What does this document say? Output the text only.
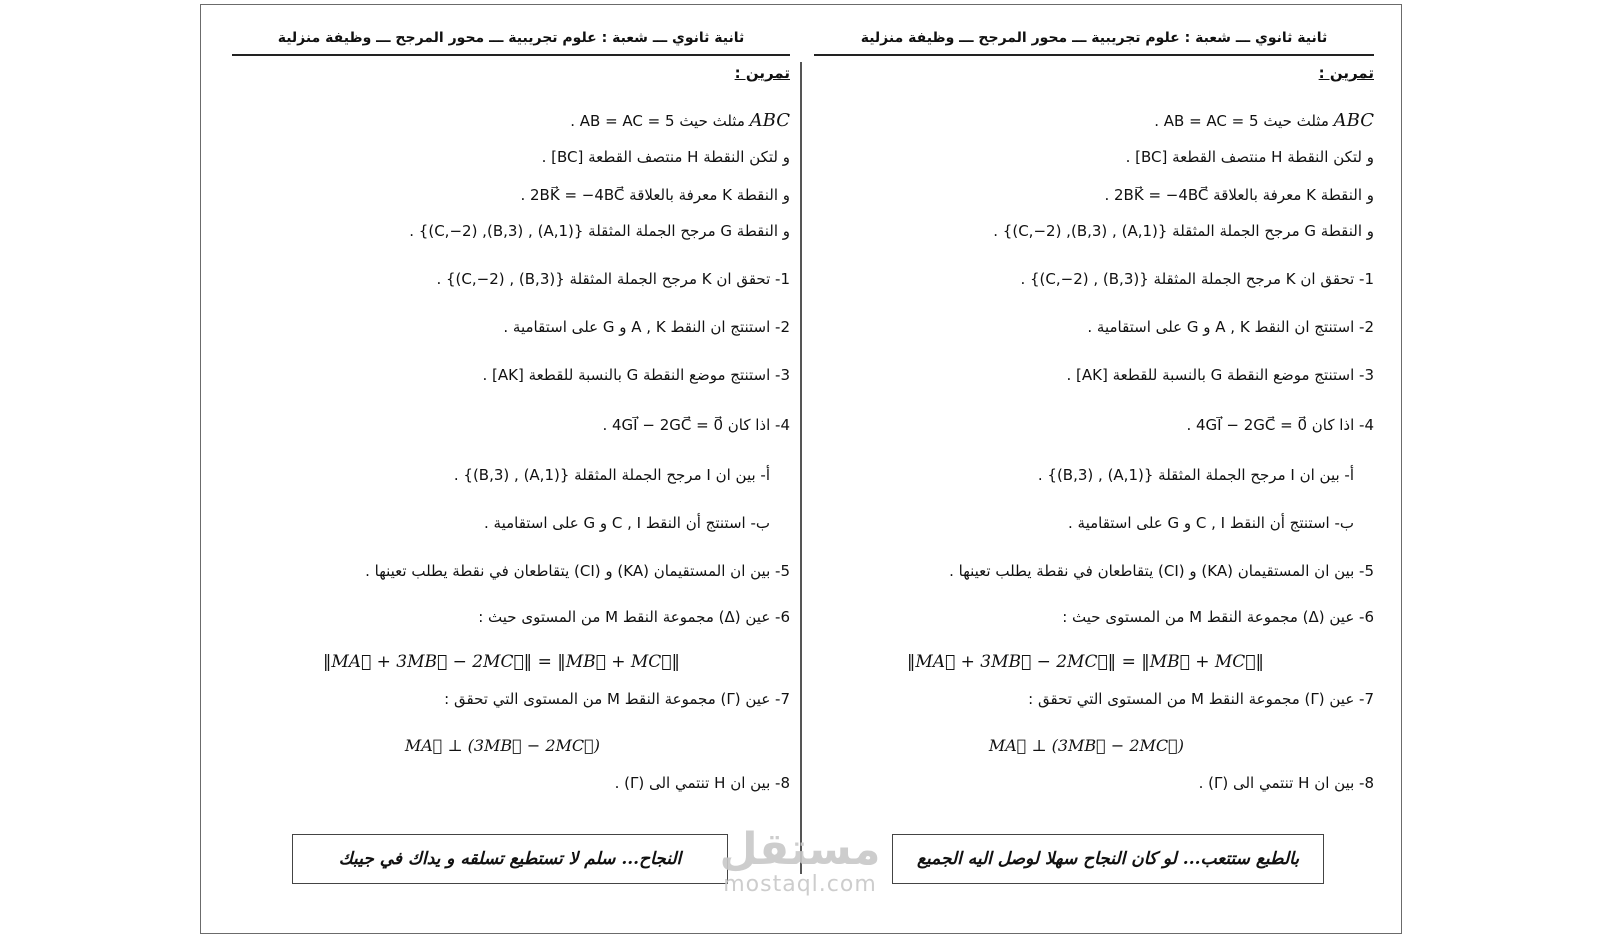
ثانية ثانوي ـــ شعبة : علوم تجريبية ـــ محور المرجح ـــ وظيفة منزلية
تمرين :
ABC مثلث حيث AB = AC = 5 .
و لتكن النقطة H منتصف القطعة [BC] .
و النقطة K معرفة بالعلاقة 2BK⃗ = −4BC⃗ .
و النقطة G مرجح الجملة المثقلة {(A,1) , (B,3), (C,−2)} .
1- تحقق ان K مرجح الجملة المثقلة {(B,3) , (C,−2)} .
2- استنتج ان النقط A , K و G على استقامية .
3- استنتج موضع النقطة G بالنسبة للقطعة [AK] .
4- اذا كان 4GI⃗ − 2GC⃗ = 0⃗ .
أ- بين ان I مرجح الجملة المثقلة {(A,1) , (B,3)} .
ب- استنتج أن النقط C , I و G على استقامية .
5- بين ان المستقيمان (KA) و (CI) يتقاطعان في نقطة يطلب تعينها .
6- عين (Δ) مجموعة النقط M من المستوى حيث :
‖MA⃗ + 3MB⃗ − 2MC⃗‖ = ‖MB⃗ + MC⃗‖
7- عين (Γ) مجموعة النقط M من المستوى التي تحقق :
(3MB⃗ − 2MC⃗) ⊥ MA⃗
8- بين ان H تنتمي الى (Γ) .
ثانية ثانوي ـــ شعبة : علوم تجريبية ـــ محور المرجح ـــ وظيفة منزلية
تمرين :
ABC مثلث حيث AB = AC = 5 .
و لتكن النقطة H منتصف القطعة [BC] .
و النقطة K معرفة بالعلاقة 2BK⃗ = −4BC⃗ .
و النقطة G مرجح الجملة المثقلة {(A,1) , (B,3), (C,−2)} .
1- تحقق ان K مرجح الجملة المثقلة {(B,3) , (C,−2)} .
2- استنتج ان النقط A , K و G على استقامية .
3- استنتج موضع النقطة G بالنسبة للقطعة [AK] .
4- اذا كان 4GI⃗ − 2GC⃗ = 0⃗ .
أ- بين ان I مرجح الجملة المثقلة {(A,1) , (B,3)} .
ب- استنتج أن النقط C , I و G على استقامية .
5- بين ان المستقيمان (KA) و (CI) يتقاطعان في نقطة يطلب تعينها .
6- عين (Δ) مجموعة النقط M من المستوى حيث :
‖MA⃗ + 3MB⃗ − 2MC⃗‖ = ‖MB⃗ + MC⃗‖
7- عين (Γ) مجموعة النقط M من المستوى التي تحقق :
(3MB⃗ − 2MC⃗) ⊥ MA⃗
8- بين ان H تنتمي الى (Γ) .
بالطبع ستتعب... لو كان النجاح سهلا لوصل اليه الجميع
النجاح... سلم لا تستطيع تسلقه و يداك في جيبك مستقل
mostaql.com
